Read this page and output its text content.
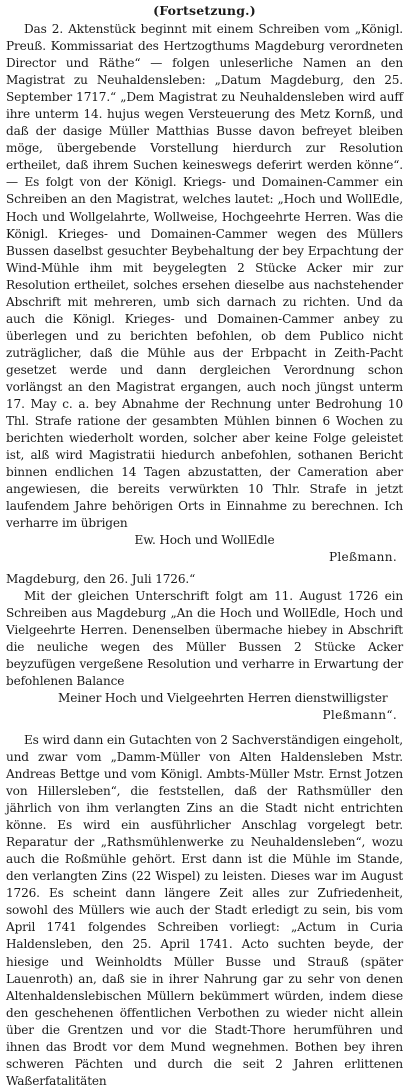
(Fortsetzung.)

Das 2. Aktenstück beginnt mit einem Schreiben vom „Königl. Preuß. Kommissariat des Hertzogthums Magdeburg verordneten Director und Räthe“ — folgen unleserliche Namen an den Magistrat zu Neuhaldensleben: „Datum Magdeburg, den 25. September 1717.“ „Dem Magistrat zu Neuhaldensleben wird auff ihre unterm 14. hujus wegen Versteuerung des Metz Kornß, und daß der dasige Müller Matthias Busse davon befreyet bleiben möge, übergebende Vorstellung hierdurch zur Resolution ertheilet, daß ihrem Suchen keineswegs deferirt werden könne“. — Es folgt von der Königl. Kriegs- und Domainen-Cammer ein Schreiben an den Magistrat, welches lautet: „Hoch und WollEdle, Hoch und Wollgelahrte, Wollweise, Hochgeehrte Herren. Was die Königl. Krieges- und Domainen-Cammer wegen des Müllers Bussen daselbst gesuchter Beybehaltung der bey Erpachtung der Wind-Mühle ihm mit beygelegten 2 Stücke Acker mir zur Resolution ertheilet, solches ersehen dieselbe aus nachstehender Abschrift mit mehreren, umb sich darnach zu richten. Und da auch die Königl. Krieges- und Domainen-Cammer anbey zu überlegen und zu berichten befohlen, ob dem Publico nicht zuträglicher, daß die Mühle aus der Erbpacht in Zeith-Pacht gesetzet werde und dann dergleichen Verordnung schon vorlängst an den Magistrat ergangen, auch noch jüngst unterm 17. May c. a. bey Abnahme der Rechnung unter Bedrohung 10 Thl. Strafe ratione der gesambten Mühlen binnen 6 Wochen zu berichten wiederholt worden, solcher aber keine Folge geleistet ist, alß wird Magistratii hiedurch anbefohlen, sothanen Bericht binnen endlichen 14 Tagen abzustatten, der Cameration aber angewiesen, die bereits verwürkten 10 Thlr. Strafe in jetzt laufendem Jahre behörigen Orts in Einnahme zu berechnen. Ich verharre im übrigen

Ew. Hoch und WollEdle

Pleßmann.

Magdeburg, den 26. Juli 1726.“

Mit der gleichen Unterschrift folgt am 11. August 1726 ein Schreiben aus Magdeburg „An die Hoch und WollEdle, Hoch und Vielgeehrte Herren. Denenselben übermache hiebey in Abschrift die neuliche wegen des Müller Bussen 2 Stücke Acker beyzufügen vergeßene Resolution und verharre in Erwartung der befohlenen Balance

Meiner Hoch und Vielgeehrten Herren dienstwilligster

Pleßmann“.

Es wird dann ein Gutachten von 2 Sachverständigen eingeholt, und zwar vom „Damm-Müller von Alten Haldensleben Mstr. Andreas Bettge und vom Königl. Ambts-Müller Mstr. Ernst Jotzen von Hillersleben“, die feststellen, daß der Rathsmüller den jährlich von ihm verlangten Zins an die Stadt nicht entrichten könne. Es wird ein ausführlicher Anschlag vorgelegt betr. Reparatur der „Rathsmühlenwerke zu Neuhaldensleben“, wozu auch die Roßmühle gehört. Erst dann ist die Mühle im Stande, den verlangten Zins (22 Wispel) zu leisten. Dieses war im August 1726. Es scheint dann längere Zeit alles zur Zufriedenheit, sowohl des Müllers wie auch der Stadt erledigt zu sein, bis vom April 1741 folgendes Schreiben vorliegt: „Actum in Curia Haldensleben, den 25. April 1741. Acto suchten beyde, der hiesige und Weinholdts Müller Busse und Strauß (später Lauenroth) an, daß sie in ihrer Nahrung gar zu sehr von denen Altenhaldenslebischen Müllern bekümmert würden, indem diese den geschehenen öffentlichen Verbothen zu wieder nicht allein über die Grentzen und vor die Stadt-Thore herumführen und ihnen das Brodt vor dem Mund wegnehmen. Bothen bey ihren schweren Pächten und durch die seit 2 Jahren erlittenen Waßerfatalitäten
